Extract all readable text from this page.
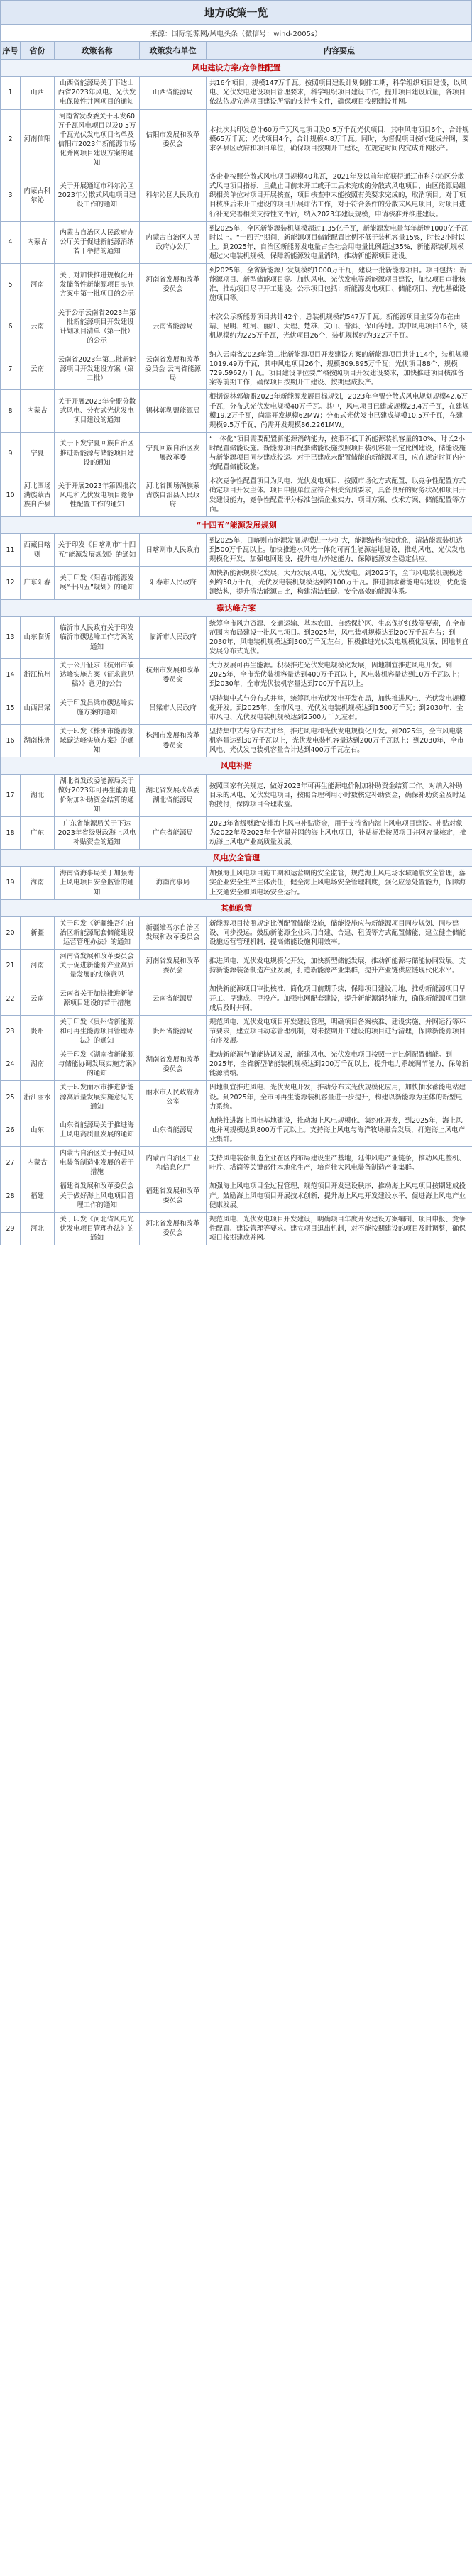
地方政策一览
来源：国际能源网/风电头条（微信号：wind-2005s）
序号	省份	政策名称	政策发布单位	内容要点
风电建设方案/竞争性配置				
1	山西	山西省能源局关于下达山西省2023年风电、光伏发电保障性并网项目的通知	山西省能源局	共16个项目，规模147万千瓦。按照项目建设计划倒排工期，科学组织项目建设，以风电、光伏发电建设项目管理要求，科学组织项目建设工作，提升项目建设质量，各项目依法依规完善项目建设所需的支持性文件，确保项目按期建设并网。
2	河南信阳	河南省发改委关于印发60万千瓦风电项目以及0.5万千瓦光伏发电项目名单及信阳市2023年新能源市场化并网项目建设方案的通知	信阳市发展和改革委员会	本批次共印发总计60万千瓦风电项目及0.5万千瓦光伏项目，其中风电项目6个，合计规模65万千瓦；光伏项目4个，合计规模4.8万千瓦。同时，为督促项目按时建成并网，要求各县区政府和项目单位，确保项目按期开工建设，在规定时间内完成并网投产。
3	内蒙古科尔沁	关于开展通辽市科尔沁区2023年分散式风电项目建设工作的通知	科尔沁区人民政府	各企业按照分散式风电项目规模40兆瓦，2021年及以前年度获得通辽市科尔沁区分散式风电项目指标，且截止目前未开工或开工后未完成的分散式风电项目，由区能源局组织相关单位对项目开展核查，项目核查中未能按照有关要求完成的，取消项目。对于项目核准后未开工建设的项目开展评估工作，对于符合条件的分散式风电项目，对项目进行补充完善相关支持性文件后，纳入2023年建设规模，申请核准并推进建设。
4	内蒙古	内蒙古自治区人民政府办公厅关于促进新能源消纳若干举措的通知	内蒙古自治区人民政府办公厅	到2025年，全区新能源装机规模超过1.35亿千瓦，新能源发电量每年新增1000亿千瓦时以上。“十四五”期间，新能源项目储能配置比例不低于装机容量15%，时长2小时以上。到2025年，自治区新能源发电量占全社会用电量比例超过35%，新能源装机规模超过火电装机规模。保障新能源发电量消纳，推动新能源项目建设。
5	河南	关于对加快推进规模化开发储备性新能源项目实施方案中第一批项目的公示	河南省发展和改革委员会	到2025年，全省新能源开发规模约1000万千瓦，建设一批新能源项目。项目包括：新能源项目、新型储能项目等。加快风电、光伏发电等新能源项目建设，加快项目审批核准，推动项目尽早开工建设。公示项目包括：新能源发电项目、储能项目、充电基础设施项目等。
6	云南	关于公示云南省2023年第一批新能源项目开发建设计划项目清单（第一批）的公示	云南省能源局	本次公示新能源项目共计42个，总装机规模约547万千瓦。新能源项目主要分布在曲靖、昆明、红河、丽江、大理、楚雄、文山、普洱、保山等地。其中风电项目16个，装机规模约为225万千瓦，光伏项目26个，装机规模约为322万千瓦。
7	云南	云南省2023年第二批新能源项目开发建设方案（第二批）	云南省发展和改革委员会 云南省能源局	纳入云南省2023年第二批新能源项目开发建设方案的新能源项目共计114个，装机规模1019.49万千瓦，其中风电项目26个，规模309.895万千瓦；光伏项目88个，规模729.5962万千瓦。项目建设单位要严格按照项目开发建设要求，加快推进项目核准备案等前期工作，确保项目按期开工建设、按期建成投产。
8	内蒙古	关于开展2023年全盟分散式风电、分布式光伏发电项目建设的通知	锡林郭勒盟能源局	根据锡林郭勒盟2023年新能源发展目标规划，2023年全盟分散式风电规划规模42.6万千瓦，分布式光伏发电规模40万千瓦。其中，风电项目已建成规模23.4万千瓦，在建规模19.2万千瓦，尚需开发规模62MW；分布式光伏发电已建成规模10.5万千瓦，在建规模9.5万千瓦，尚需开发规模86.2261MW。
9	宁夏	关于下发宁夏回族自治区推进新能源与储能项目建设的通知	宁夏回族自治区发展改革委	“一体化”项目需要配置新能源消纳能力，按照不低于新能源装机容量的10%、时长2小时配置储能设施。新能源项目配套储能设施按照项目装机容量一定比例建设，储能设施与新能源项目同步建成投运。对于已建成未配置储能的新能源项目，应在规定时间内补充配置储能设施。
10	河北围场满族蒙古族自治县	关于开展2023年第四批次风电和光伏发电项目竞争性配置工作的通知	河北省围场满族蒙古族自治县人民政府	本次竞争性配置项目为风电、光伏发电项目，按照市场化方式配置，以竞争性配置方式确定项目开发主体。项目申报单位应符合相关资质要求，具备良好的财务状况和项目开发建设能力，竞争性配置评分标准包括企业实力、项目方案、技术方案、储能配置等方面。
“十四五”能源发展规划				
11	西藏日喀则	关于印发《日喀则市“十四五”能源发展规划》的通知	日喀则市人民政府	到2025年，日喀则市能源发展规模进一步扩大，能源结构持续优化，清洁能源装机达到500万千瓦以上。加快推进水风光一体化可再生能源基地建设，推动风电、光伏发电规模化开发，加强电网建设，提升电力外送能力，保障能源安全稳定供应。
12	广东阳春	关于印发《阳春市能源发展“十四五”规划》的通知	阳春市人民政府	加快新能源规模化发展，大力发展风电、光伏发电。到2025年，全市风电装机规模达到约50万千瓦，光伏发电装机规模达到约100万千瓦。推进抽水蓄能电站建设，优化能源结构，提升清洁能源占比，构建清洁低碳、安全高效的能源体系。
碳达峰方案				
13	山东临沂	临沂市人民政府关于印发临沂市碳达峰工作方案的通知	临沂市人民政府	统筹全市风力资源、交通运输、基本农田、自然保护区、生态保护红线等要素，在全市范围内布局建设一批风电项目。到2025年，风电装机规模达到200万千瓦左右；到2030年，风电装机规模达到300万千瓦左右。积极推进光伏发电规模化发展，因地制宜发展分布式光伏。
14	浙江杭州	关于公开征求《杭州市碳达峰实施方案（征求意见稿）》意见的公告	杭州市发展和改革委员会	大力发展可再生能源。积极推进光伏发电规模化发展，因地制宜推进风电开发。到2025年，全市光伏装机容量达到400万千瓦以上，风电装机容量达到10万千瓦以上；到2030年，全市光伏装机容量达到700万千瓦以上。
15	山西吕梁	关于印发吕梁市碳达峰实施方案的通知	吕梁市人民政府	坚持集中式与分布式并举，统筹风电光伏发电开发布局，加快推进风电、光伏发电规模化开发。到2025年，全市风电、光伏发电装机规模达到1500万千瓦；到2030年，全市风电、光伏发电装机规模达到2500万千瓦左右。
16	湖南株洲	关于印发《株洲市能源领域碳达峰实施方案》的通知	株洲市发展和改革委员会	坚持集中式与分布式并举，推进风电和光伏发电规模化开发。到2025年，全市风电装机容量达到30万千瓦以上，光伏发电装机容量达到200万千瓦以上；到2030年，全市风电、光伏发电装机容量合计达到400万千瓦左右。
风电补贴				
17	湖北	湖北省发改委能源局关于做好2023年可再生能源电价附加补助资金结算的通知	湖北省发展改革委 湖北省能源局	按照国家有关规定，做好2023年可再生能源电价附加补助资金结算工作。对纳入补助目录的风电、光伏发电项目，按照合理利用小时数核定补助资金，确保补助资金及时足额拨付，保障项目合理收益。
18	广东	广东省能源局关于下达2023年省级财政海上风电补贴资金的通知	广东省能源局	2023年省级财政安排海上风电补贴资金，用于支持省内海上风电项目建设。补贴对象为2022年及2023年全容量并网的海上风电项目，补贴标准按照项目并网容量核定，推动海上风电产业高质量发展。
风电安全管理				
19	海南	海南省海事局关于加强海上风电项目安全监管的通知	海南海事局	加强海上风电项目施工期和运营期的安全监管，规范海上风电场水域通航安全管理，落实企业安全生产主体责任，健全海上风电场安全管理制度，强化应急处置能力，保障海上交通安全和风电场安全运行。
其他政策				
20	新疆	关于印发《新疆维吾尔自治区新能源配套储能建设运营管理办法》的通知	新疆维吾尔自治区发展和改革委员会	新能源项目按照规定比例配置储能设施，储能设施应与新能源项目同步规划、同步建设、同步投运。鼓励新能源企业采用自建、合建、租赁等方式配置储能，建立健全储能设施运营管理机制，提高储能设施利用效率。
21	河南	河南省发展和改革委员会关于促进新能源产业高质量发展的实施意见	河南省发展和改革委员会	推进风电、光伏发电规模化开发，加快新型储能发展，推动新能源与储能协同发展。支持新能源装备制造产业发展，打造新能源产业集群，提升产业链供应链现代化水平。
22	云南	云南省关于加快推进新能源项目建设的若干措施	云南省能源局	加快新能源项目审批核准，简化项目前期手续，保障项目建设用地，推动新能源项目早开工、早建成、早投产。加强电网配套建设，提升新能源消纳能力，确保新能源项目建成后及时并网。
23	贵州	关于印发《贵州省新能源和可再生能源项目管理办法》的通知	贵州省能源局	规范风电、光伏发电项目开发建设管理，明确项目备案核准、建设实施、并网运行等环节要求，建立项目动态管理机制，对未按期开工建设的项目进行清理，保障新能源项目有序发展。
24	湖南	关于印发《湖南省新能源与储能协调发展实施方案》的通知	湖南省发展和改革委员会	推动新能源与储能协调发展，新建风电、光伏发电项目按照一定比例配置储能。到2025年，全省新型储能装机规模达到200万千瓦以上，提升电力系统调节能力，保障新能源消纳。
25	浙江丽水	关于印发丽水市推进新能源高质量发展实施意见的通知	丽水市人民政府办公室	因地制宜推进风电、光伏发电开发，推动分布式光伏规模化应用，加快抽水蓄能电站建设。到2025年，全市可再生能源装机容量进一步提升，构建以新能源为主体的新型电力系统。
26	山东	山东省能源局关于推进海上风电高质量发展的通知	山东省能源局	加快推进海上风电基地建设，推动海上风电规模化、集约化开发，到2025年，海上风电并网规模达到800万千瓦以上。支持海上风电与海洋牧场融合发展，打造海上风电产业集群。
27	内蒙古	内蒙古自治区关于促进风电装备制造业发展的若干措施	内蒙古自治区工业和信息化厅	支持风电装备制造企业在区内布局建设生产基地，延伸风电产业链条，推动风电整机、叶片、塔筒等关键部件本地化生产，培育壮大风电装备制造产业集群。
28	福建	福建省发展和改革委员会关于做好海上风电项目管理工作的通知	福建省发展和改革委员会	加强海上风电项目全过程管理，规范项目开发建设秩序，推动海上风电项目按期建成投产。鼓励海上风电项目开展技术创新，提升海上风电开发建设水平，促进海上风电产业健康发展。
29	河北	关于印发《河北省风电光伏发电项目管理办法》的通知	河北省发展和改革委员会	规范风电、光伏发电项目开发建设，明确项目年度开发建设方案编制、项目申报、竞争性配置、建设管理等要求。建立项目退出机制，对不能按期建设的项目及时调整，确保项目按期建成并网。
